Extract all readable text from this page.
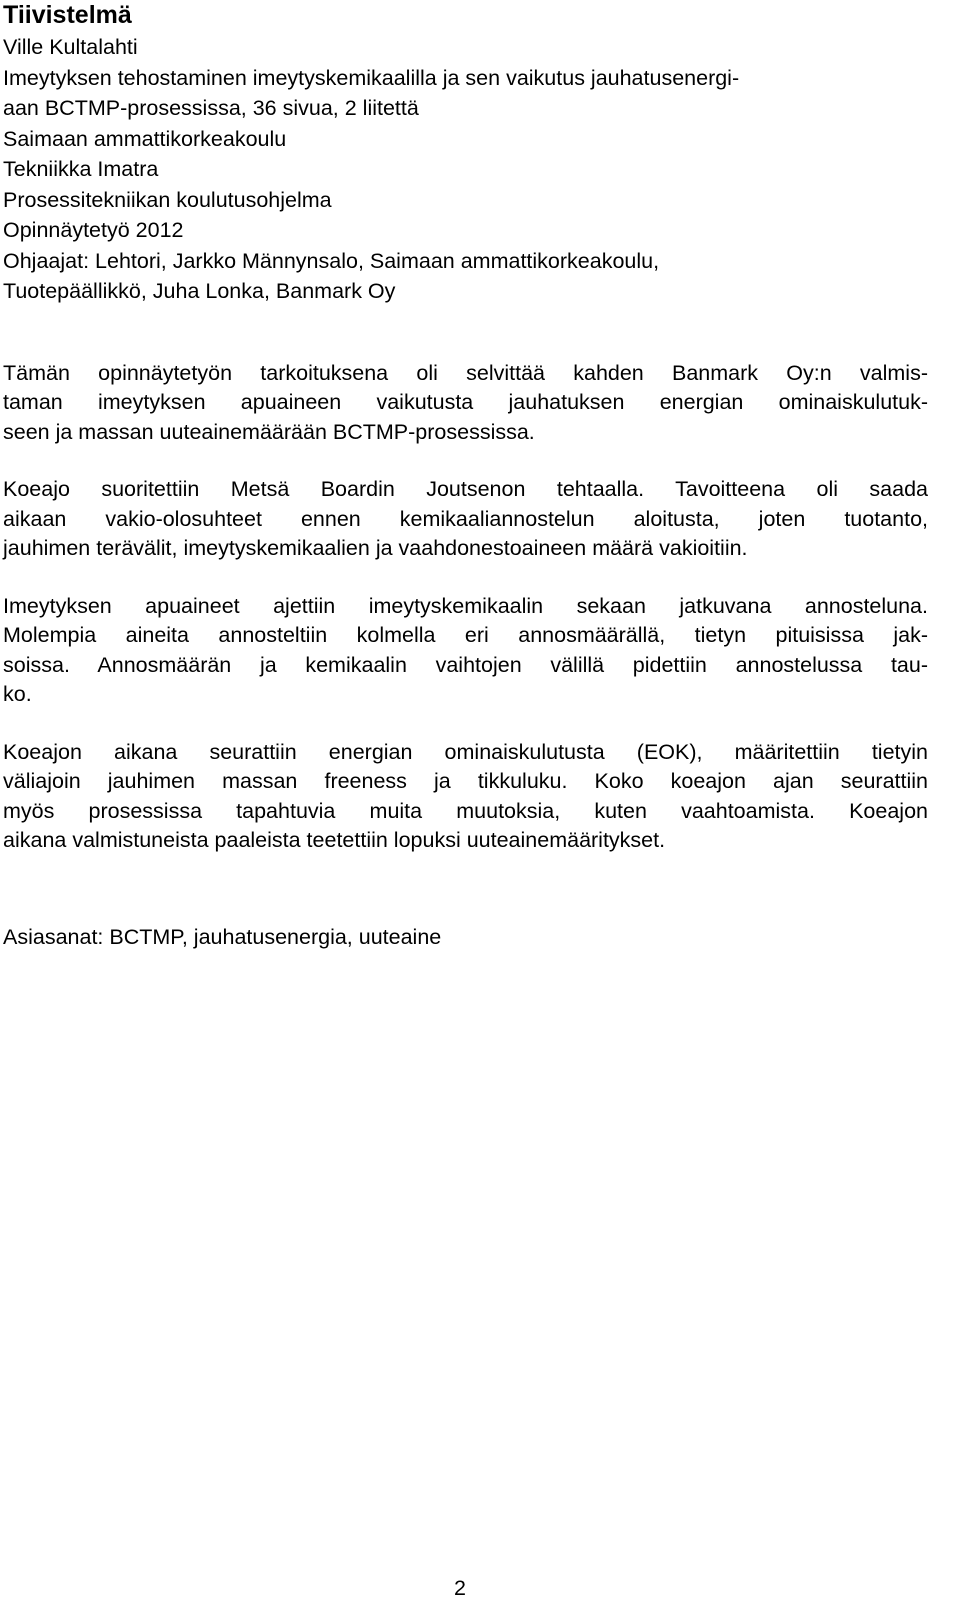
Tiivistelmä
Ville Kultalahti
Imeytyksen tehostaminen imeytyskemikaalilla ja sen vaikutus jauhatusenergi-
aan BCTMP-prosessissa, 36 sivua, 2 liitettä
Saimaan ammattikorkeakoulu
Tekniikka Imatra
Prosessitekniikan koulutusohjelma
Opinnäytetyö 2012
Ohjaajat: Lehtori, Jarkko Männynsalo, Saimaan ammattikorkeakoulu,
Tuotepäällikkö, Juha Lonka, Banmark Oy
Tämän opinnäytetyön tarkoituksena oli selvittää kahden Banmark Oy:n valmis-
taman imeytyksen apuaineen vaikutusta jauhatuksen energian ominaiskulutuk-
seen ja massan uuteainemäärään BCTMP-prosessissa.
Koeajo suoritettiin Metsä Boardin Joutsenon tehtaalla. Tavoitteena oli saada
aikaan vakio-olosuhteet ennen kemikaaliannostelun aloitusta, joten tuotanto,
jauhimen terävälit, imeytyskemikaalien ja vaahdonestoaineen määrä vakioitiin.
Imeytyksen apuaineet ajettiin imeytyskemikaalin sekaan jatkuvana annosteluna.
Molempia aineita annosteltiin kolmella eri annosmäärällä, tietyn pituisissa jak-
soissa. Annosmäärän ja kemikaalin vaihtojen välillä pidettiin annostelussa tau-
ko.
Koeajon aikana seurattiin energian ominaiskulutusta (EOK), määritettiin tietyin
väliajoin jauhimen massan freeness ja tikkuluku. Koko koeajon ajan seurattiin
myös prosessissa tapahtuvia muita muutoksia, kuten vaahtoamista. Koeajon
aikana valmistuneista paaleista teetettiin lopuksi uuteainemääritykset.
Asiasanat: BCTMP, jauhatusenergia, uuteaine
2
